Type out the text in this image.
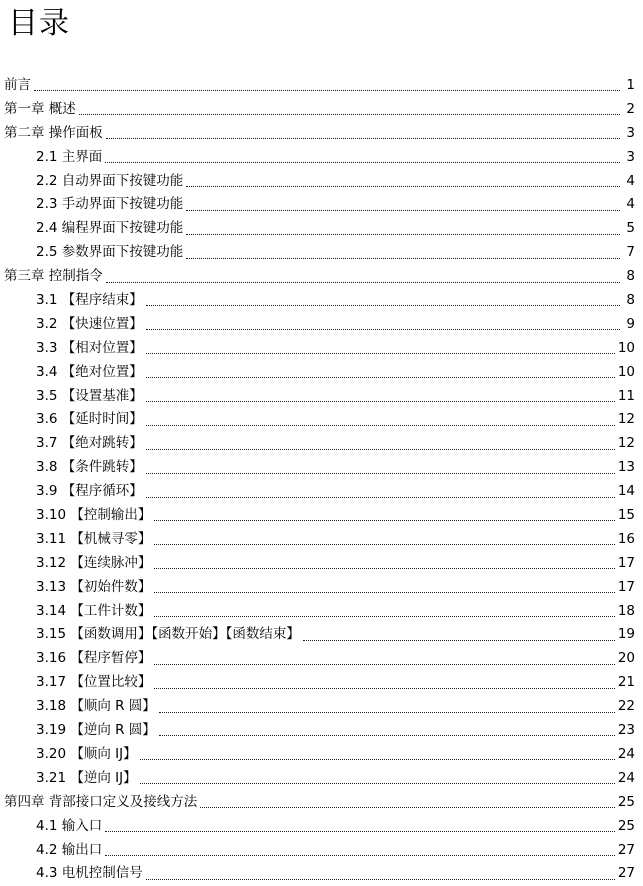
目录
前言	1
第一章 概述	2
第二章 操作面板	3
2.1 主界面	3
2.2 自动界面下按键功能	4
2.3 手动界面下按键功能	4
2.4 编程界面下按键功能	5
2.5 参数界面下按键功能	7
第三章 控制指令	8
3.1 【程序结束】	8
3.2 【快速位置】	9
3.3 【相对位置】	10
3.4 【绝对位置】	10
3.5 【设置基准】	11
3.6 【延时时间】	12
3.7 【绝对跳转】	12
3.8 【条件跳转】	13
3.9 【程序循环】	14
3.10 【控制输出】	15
3.11 【机械寻零】	16
3.12 【连续脉冲】	17
3.13 【初始件数】	17
3.14 【工件计数】	18
3.15 【函数调用】【函数开始】【函数结束】	19
3.16 【程序暂停】	20
3.17 【位置比较】	21
3.18 【顺向 R 圆】	22
3.19 【逆向 R 圆】	23
3.20 【顺向 IJ】	24
3.21 【逆向 IJ】	24
第四章 背部接口定义及接线方法	25
4.1 输入口	25
4.2 输出口	27
4.3 电机控制信号	27
